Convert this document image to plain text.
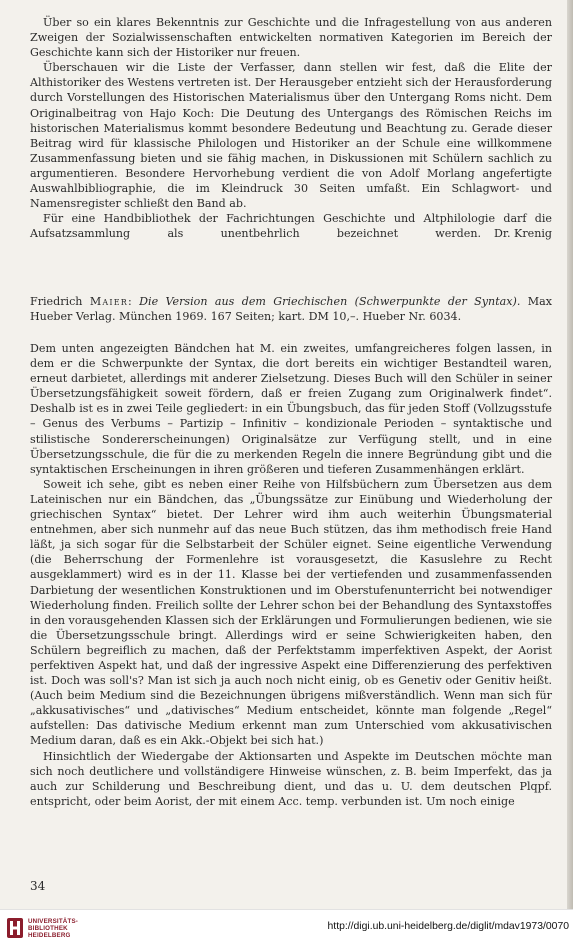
Über so ein klares Bekenntnis zur Geschichte und die Infragestellung von aus anderen Zweigen der Sozialwissenschaften entwickelten normativen Kategorien im Bereich der Geschichte kann sich der Historiker nur freuen.

Überschauen wir die Liste der Verfasser, dann stellen wir fest, daß die Elite der Althistoriker des Westens vertreten ist. Der Herausgeber entzieht sich der Herausforderung durch Vorstellungen des Historischen Materialismus über den Untergang Roms nicht. Dem Originalbeitrag von Hajo Koch: Die Deutung des Untergangs des Römischen Reichs im historischen Materialismus kommt besondere Bedeutung und Beachtung zu. Gerade dieser Beitrag wird für klassische Philologen und Historiker an der Schule eine willkommene Zusammenfassung bieten und sie fähig machen, in Diskussionen mit Schülern sachlich zu argumentieren. Besondere Hervorhebung verdient die von Adolf Morlang angefertigte Auswahlbibliographie, die im Kleindruck 30 Seiten umfaßt. Ein Schlagwort- und Namensregister schließt den Band ab.

Für eine Handbibliothek der Fachrichtungen Geschichte und Altphilologie darf die Aufsatzsammlung als unentbehrlich bezeichnet werden.	Dr. Krenig

Friedrich Maier: Die Version aus dem Griechischen (Schwerpunkte der Syntax). Max Hueber Verlag. München 1969. 167 Seiten; kart. DM 10,–. Hueber Nr. 6034.

Dem unten angezeigten Bändchen hat M. ein zweites, umfangreicheres folgen lassen, in dem er die Schwerpunkte der Syntax, die dort bereits ein wichtiger Bestandteil waren, erneut darbietet, allerdings mit anderer Zielsetzung. Dieses Buch will den Schüler in seiner Übersetzungsfähigkeit soweit fördern, daß er freien Zugang zum Originalwerk findet“. Deshalb ist es in zwei Teile gegliedert: in ein Übungsbuch, das für jeden Stoff (Vollzugsstufe – Genus des Verbums – Partizip – Infinitiv – kondizionale Perioden – syntaktische und stilistische Sondererscheinungen) Originalsätze zur Verfügung stellt, und in eine Übersetzungsschule, die für die zu merkenden Regeln die innere Begründung gibt und die syntaktischen Erscheinungen in ihren größeren und tieferen Zusammenhängen erklärt.

Soweit ich sehe, gibt es neben einer Reihe von Hilfsbüchern zum Übersetzen aus dem Lateinischen nur ein Bändchen, das „Übungssätze zur Einübung und Wiederholung der griechischen Syntax“ bietet. Der Lehrer wird ihm auch weiterhin Übungsmaterial entnehmen, aber sich nunmehr auf das neue Buch stützen, das ihm methodisch freie Hand läßt, ja sich sogar für die Selbstarbeit der Schüler eignet. Seine eigentliche Verwendung (die Beherrschung der Formenlehre ist vorausgesetzt, die Kasuslehre zu Recht ausgeklammert) wird es in der 11. Klasse bei der vertiefenden und zusammenfassenden Darbietung der wesentlichen Konstruktionen und im Oberstufenunterricht bei notwendiger Wiederholung finden. Freilich sollte der Lehrer schon bei der Behandlung des Syntaxstoffes in den vorausgehenden Klassen sich der Erklärungen und Formulierungen bedienen, wie sie die Übersetzungsschule bringt. Allerdings wird er seine Schwierigkeiten haben, den Schülern begreiflich zu machen, daß der Perfektstamm imperfektiven Aspekt, der Aorist perfektiven Aspekt hat, und daß der ingressive Aspekt eine Differenzierung des perfektiven ist. Doch was soll's? Man ist sich ja auch noch nicht einig, ob es Genetiv oder Genitiv heißt. (Auch beim Medium sind die Bezeichnungen übrigens mißverständlich. Wenn man sich für „akkusativisches“ und „dativisches“ Medium entscheidet, könnte man folgende „Regel“ aufstellen: Das dativische Medium erkennt man zum Unterschied vom akkusativischen Medium daran, daß es ein Akk.-Objekt bei sich hat.)

Hinsichtlich der Wiedergabe der Aktionsarten und Aspekte im Deutschen möchte man sich noch deutlichere und vollständigere Hinweise wünschen, z. B. beim Imperfekt, das ja auch zur Schilderung und Beschreibung dient, und das u. U. dem deutschen Plqpf. entspricht, oder beim Aorist, der mit einem Acc. temp. verbunden ist. Um noch einige

34
UNIVERSITÄTS-
BIBLIOTHEK
HEIDELBERG
http://digi.ub.uni-heidelberg.de/diglit/mdav1973/0070
